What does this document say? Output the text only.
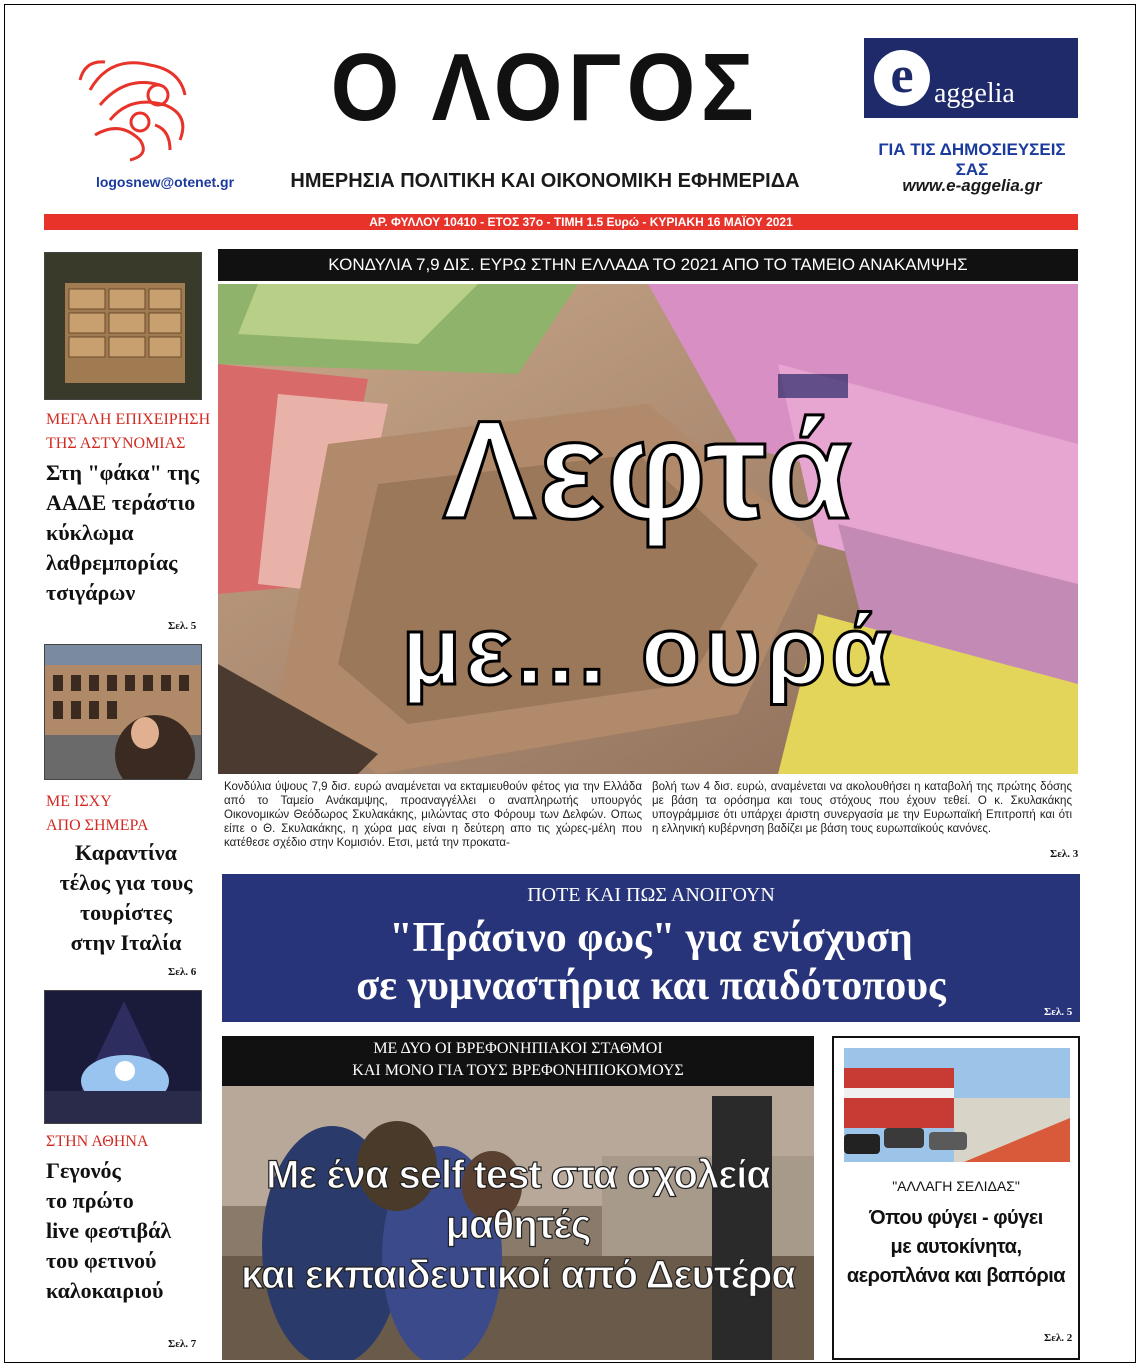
Ο ΛΟΓΟΣ
ΗΜΕΡΗΣΙΑ ΠΟΛΙΤΙΚΗ ΚΑΙ ΟΙΚΟΝΟΜΙΚΗ ΕΦΗΜΕΡΙΔΑ
logosnew@otenet.gr
e aggelia
ΓΙΑ ΤΙΣ ΔΗΜΟΣΙΕΥΣΕΙΣ ΣΑΣ
www.e-aggelia.gr
ΑΡ. ΦΥΛΛΟΥ 10410 - ΕΤΟΣ 37ο - ΤΙΜΗ 1.5 Ευρώ - ΚΥΡΙΑΚΗ 16 ΜΑΪΟΥ 2021
ΚΟΝΔΥΛΙΑ 7,9 ΔΙΣ. ΕΥΡΩ ΣΤΗΝ ΕΛΛΑΔΑ ΤΟ 2021 ΑΠΟ ΤΟ ΤΑΜΕΙΟ ΑΝΑΚΑΜΨΗΣ
Λεφτά
με... ουρά
Κονδύλια ύψους 7,9 δισ. ευρώ αναμένεται να εκταμιευθούν φέτος για την Ελλάδα από το Ταμείο Ανάκαμψης, προαναγγέλλει ο αναπληρωτής υπουργός Οικονομικών Θεόδωρος Σκυλακάκης, μιλώντας στο Φόρουμ των Δελφών. Οπως είπε ο Θ. Σκυλακάκης, η χώρα μας είναι η δεύτερη απο τις χώρες-μέλη που κατέθεσε σχέδιο στην Κομισιόν. Ετσι, μετά την προκατα-
βολή των 4 δισ. ευρώ, αναμένεται να ακολουθήσει η καταβολή της πρώτης δόσης με βάση τα ορόσημα και τους στόχους που έχουν τεθεί. Ο κ. Σκυλακάκης υπογράμμισε ότι υπάρχει άριστη συνεργασία με την Ευρωπαϊκή Επιτροπή και ότι η ελληνική κυβέρνηση βαδίζει με βάση τους ευρωπαϊκούς κανόνες.
Σελ. 3
ΠΟΤΕ ΚΑΙ ΠΩΣ ΑΝΟΙΓΟΥΝ
"Πράσινο φως" για ενίσχυση
σε γυμναστήρια και παιδότοπους
Σελ. 5
ΜΕ ΔΥΟ ΟΙ ΒΡΕΦΟΝΗΠΙΑΚΟΙ ΣΤΑΘΜΟΙ
ΚΑΙ ΜΟΝΟ ΓΙΑ ΤΟΥΣ ΒΡΕΦΟΝΗΠΙΟΚΟΜΟΥΣ
Με ένα self test στα σχολεία μαθητές
και εκπαιδευτικοί από Δευτέρα
"ΑΛΛΑΓΗ ΣΕΛΙΔΑΣ"
Όπου φύγει - φύγει
με αυτοκίνητα,
αεροπλάνα και βαπόρια
Σελ. 2
ΜΕΓΑΛΗ ΕΠΙΧΕΙΡΗΣΗ
ΤΗΣ ΑΣΤΥΝΟΜΙΑΣ
Στη "φάκα" της
ΑΑΔΕ τεράστιο
κύκλωμα
λαθρεμπορίας
τσιγάρων
Σελ. 5
ΜΕ ΙΣΧΥ
ΑΠΟ ΣΗΜΕΡΑ
Καραντίνα
τέλος για τους
τουρίστες
στην Ιταλία
Σελ. 6
ΣΤΗΝ ΑΘΗΝΑ
Γεγονός
το πρώτο
live φεστιβάλ
του φετινού
καλοκαιριού
Σελ. 7
